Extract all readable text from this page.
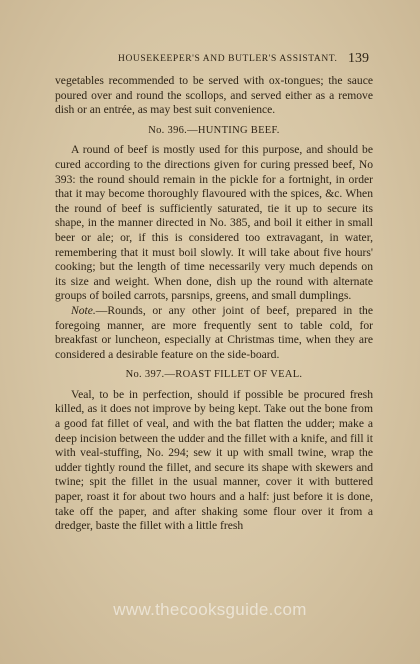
HOUSEKEEPER'S AND BUTLER'S ASSISTANT. 139

vegetables recommended to be served with ox-tongues; the sauce poured over and round the scollops, and served either as a remove dish or an entrée, as may best suit convenience.

No. 396.—HUNTING BEEF.

A round of beef is mostly used for this purpose, and should be cured according to the directions given for curing pressed beef, No 393: the round should remain in the pickle for a fortnight, in order that it may become thoroughly flavoured with the spices, &c. When the round of beef is sufficiently saturated, tie it up to secure its shape, in the manner directed in No. 385, and boil it either in small beer or ale; or, if this is considered too extravagant, in water, remembering that it must boil slowly. It will take about five hours' cooking; but the length of time necessarily very much depends on its size and weight. When done, dish up the round with alternate groups of boiled carrots, parsnips, greens, and small dumplings.

Note.—Rounds, or any other joint of beef, prepared in the foregoing manner, are more frequently sent to table cold, for breakfast or luncheon, especially at Christmas time, when they are considered a desirable feature on the side-board.

No. 397.—ROAST FILLET OF VEAL.

Veal, to be in perfection, should if possible be procured fresh killed, as it does not improve by being kept. Take out the bone from a good fat fillet of veal, and with the bat flatten the udder; make a deep incision between the udder and the fillet with a knife, and fill it with veal-stuffing, No. 294; sew it up with small twine, wrap the udder tightly round the fillet, and secure its shape with skewers and twine; spit the fillet in the usual manner, cover it with buttered paper, roast it for about two hours and a half: just before it is done, take off the paper, and after shaking some flour over it from a dredger, baste the fillet with a little fresh

www.thecooksguide.com
